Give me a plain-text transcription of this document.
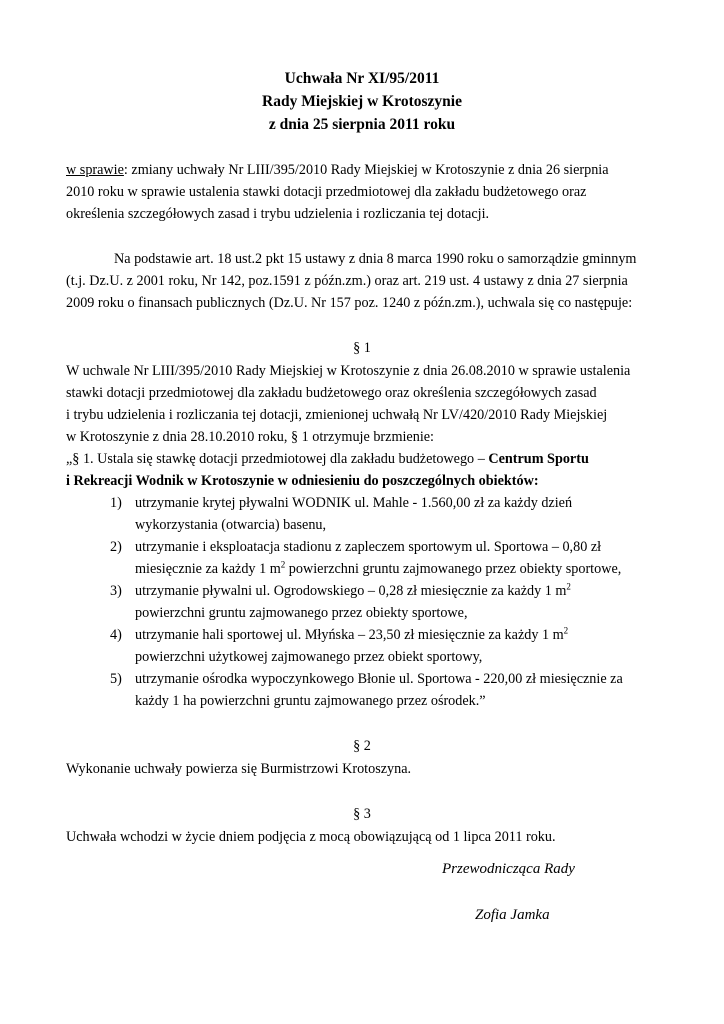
Uchwała Nr XI/95/2011
Rady Miejskiej w Krotoszynie
z dnia 25 sierpnia 2011 roku
w sprawie: zmiany uchwały Nr LIII/395/2010 Rady Miejskiej w Krotoszynie z dnia 26 sierpnia
2010 roku w sprawie ustalenia stawki dotacji przedmiotowej dla zakładu budżetowego oraz
określenia szczegółowych zasad i trybu udzielenia i rozliczania tej dotacji.
Na podstawie art. 18 ust.2 pkt 15 ustawy z dnia 8 marca 1990 roku o samorządzie gminnym
(t.j. Dz.U. z 2001 roku, Nr 142, poz.1591 z późn.zm.) oraz art. 219 ust. 4 ustawy z dnia 27 sierpnia
2009 roku o finansach publicznych (Dz.U. Nr 157 poz. 1240 z późn.zm.), uchwala się co następuje:
§ 1
W uchwale Nr LIII/395/2010 Rady Miejskiej w Krotoszynie z dnia 26.08.2010 w sprawie ustalenia
stawki dotacji przedmiotowej dla zakładu budżetowego oraz określenia szczegółowych zasad
i trybu udzielenia i rozliczania tej dotacji, zmienionej uchwałą Nr LV/420/2010 Rady Miejskiej
w Krotoszynie z dnia 28.10.2010 roku, § 1 otrzymuje brzmienie:
„§ 1. Ustala się stawkę dotacji przedmiotowej dla zakładu budżetowego – Centrum Sportu
i Rekreacji Wodnik w Krotoszynie w odniesieniu do poszczególnych obiektów:
1) utrzymanie krytej pływalni WODNIK ul. Mahle - 1.560,00 zł za każdy dzień
wykorzystania (otwarcia) basenu,
2) utrzymanie i eksploatacja stadionu z zapleczem sportowym ul. Sportowa – 0,80 zł
miesięcznie za każdy 1 $m^2$ powierzchni gruntu zajmowanego przez obiekty sportowe,
3) utrzymanie pływalni ul. Ogrodowskiego – 0,28 zł miesięcznie za każdy 1 $m^2$
powierzchni gruntu zajmowanego przez obiekty sportowe,
4) utrzymanie hali sportowej ul. Młyńska – 23,50 zł miesięcznie za każdy 1 $m^2$
powierzchni użytkowej zajmowanego przez obiekt sportowy,
5) utrzymanie ośrodka wypoczynkowego Błonie ul. Sportowa - 220,00 zł miesięcznie za
każdy 1 ha powierzchni gruntu zajmowanego przez ośrodek.”
§ 2
Wykonanie uchwały powierza się Burmistrzowi Krotoszyna.
§ 3
Uchwała wchodzi w życie dniem podjęcia z mocą obowiązującą od 1 lipca 2011 roku.
Przewodnicząca Rady
Zofia Jamka
